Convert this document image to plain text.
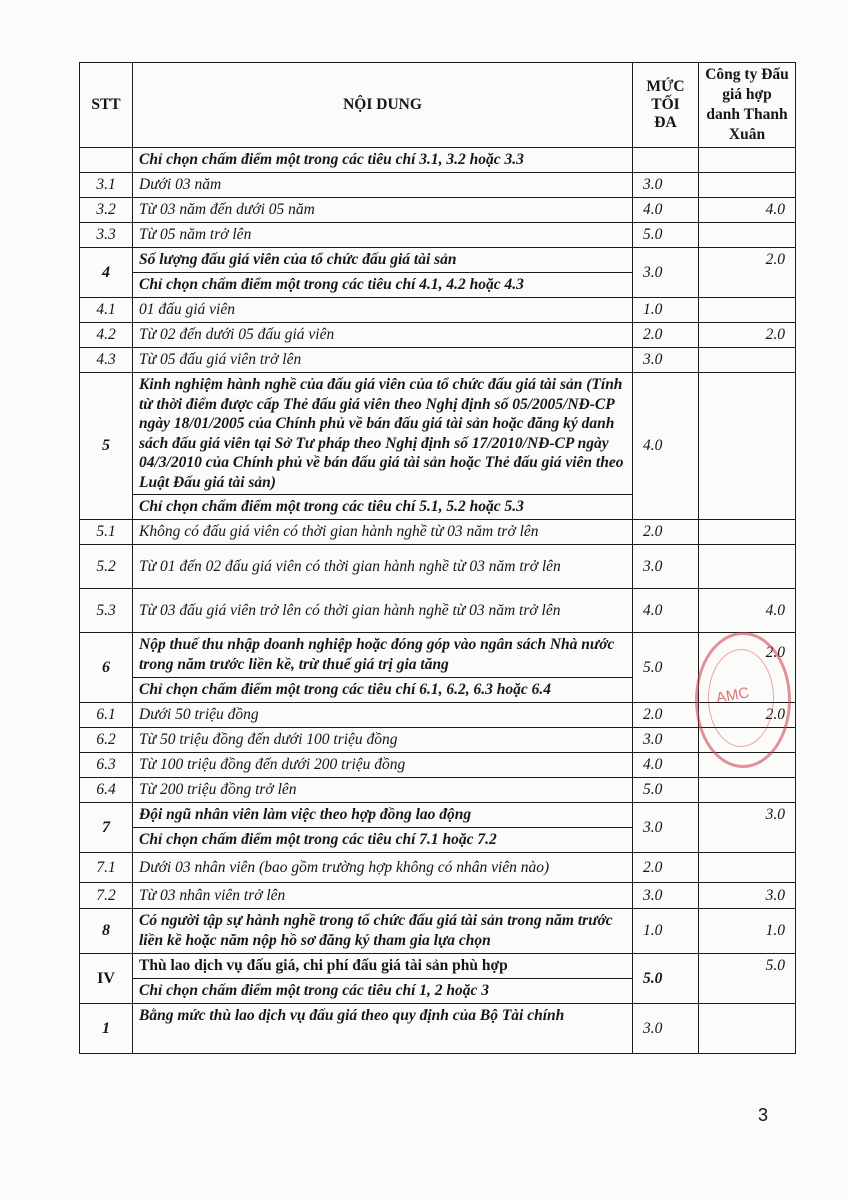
STT	NỘI DUNG	MỨC TỐI ĐA	Công ty Đấu giá hợp danh Thanh Xuân
	Chỉ chọn chấm điểm một trong các tiêu chí 3.1, 3.2 hoặc 3.3		
3.1	Dưới 03 năm	3.0	
3.2	Từ 03 năm đến dưới 05 năm	4.0	4.0
3.3	Từ 05 năm trở lên	5.0	
4	Số lượng đấu giá viên của tổ chức đấu giá tài sản	3.0	2.0
	Chỉ chọn chấm điểm một trong các tiêu chí 4.1, 4.2 hoặc 4.3		
4.1	01 đấu giá viên	1.0	
4.2	Từ 02 đến dưới 05 đấu giá viên	2.0	2.0
4.3	Từ 05 đấu giá viên trở lên	3.0	
5	Kinh nghiệm hành nghề của đấu giá viên của tổ chức đấu giá tài sản (Tính từ thời điểm được cấp Thẻ đấu giá viên theo Nghị định số 05/2005/NĐ-CP ngày 18/01/2005 của Chính phủ về bán đấu giá tài sản hoặc đăng ký danh sách đấu giá viên tại Sở Tư pháp theo Nghị định số 17/2010/NĐ-CP ngày 04/3/2010 của Chính phủ về bán đấu giá tài sản hoặc Thẻ đấu giá viên theo Luật Đấu giá tài sản)	4.0	
	Chỉ chọn chấm điểm một trong các tiêu chí 5.1, 5.2 hoặc 5.3		
5.1	Không có đấu giá viên có thời gian hành nghề từ 03 năm trở lên	2.0	
5.2	Từ 01 đến 02 đấu giá viên có thời gian hành nghề từ 03 năm trở lên	3.0	
5.3	Từ 03 đấu giá viên trở lên có thời gian hành nghề từ 03 năm trở lên	4.0	4.0
6	Nộp thuế thu nhập doanh nghiệp hoặc đóng góp vào ngân sách Nhà nước trong năm trước liền kề, trừ thuế giá trị gia tăng	5.0	2.0
	Chỉ chọn chấm điểm một trong các tiêu chí 6.1, 6.2, 6.3 hoặc 6.4		
6.1	Dưới 50 triệu đồng	2.0	2.0
6.2	Từ 50 triệu đồng đến dưới 100 triệu đồng	3.0	
6.3	Từ 100 triệu đồng đến dưới 200 triệu đồng	4.0	
6.4	Từ 200 triệu đồng trở lên	5.0	
7	Đội ngũ nhân viên làm việc theo hợp đồng lao động	3.0	3.0
	Chỉ chọn chấm điểm một trong các tiêu chí 7.1 hoặc 7.2		
7.1	Dưới 03 nhân viên (bao gồm trường hợp không có nhân viên nào)	2.0	
7.2	Từ 03 nhân viên trở lên	3.0	3.0
8	Có người tập sự hành nghề trong tổ chức đấu giá tài sản trong năm trước liền kề hoặc năm nộp hồ sơ đăng ký tham gia lựa chọn	1.0	1.0
IV	Thù lao dịch vụ đấu giá, chi phí đấu giá tài sản phù hợp	5.0	5.0
	Chỉ chọn chấm điểm một trong các tiêu chí 1, 2 hoặc 3		
1	Bằng mức thù lao dịch vụ đấu giá theo quy định của Bộ Tài chính	3.0	
AMC
3
